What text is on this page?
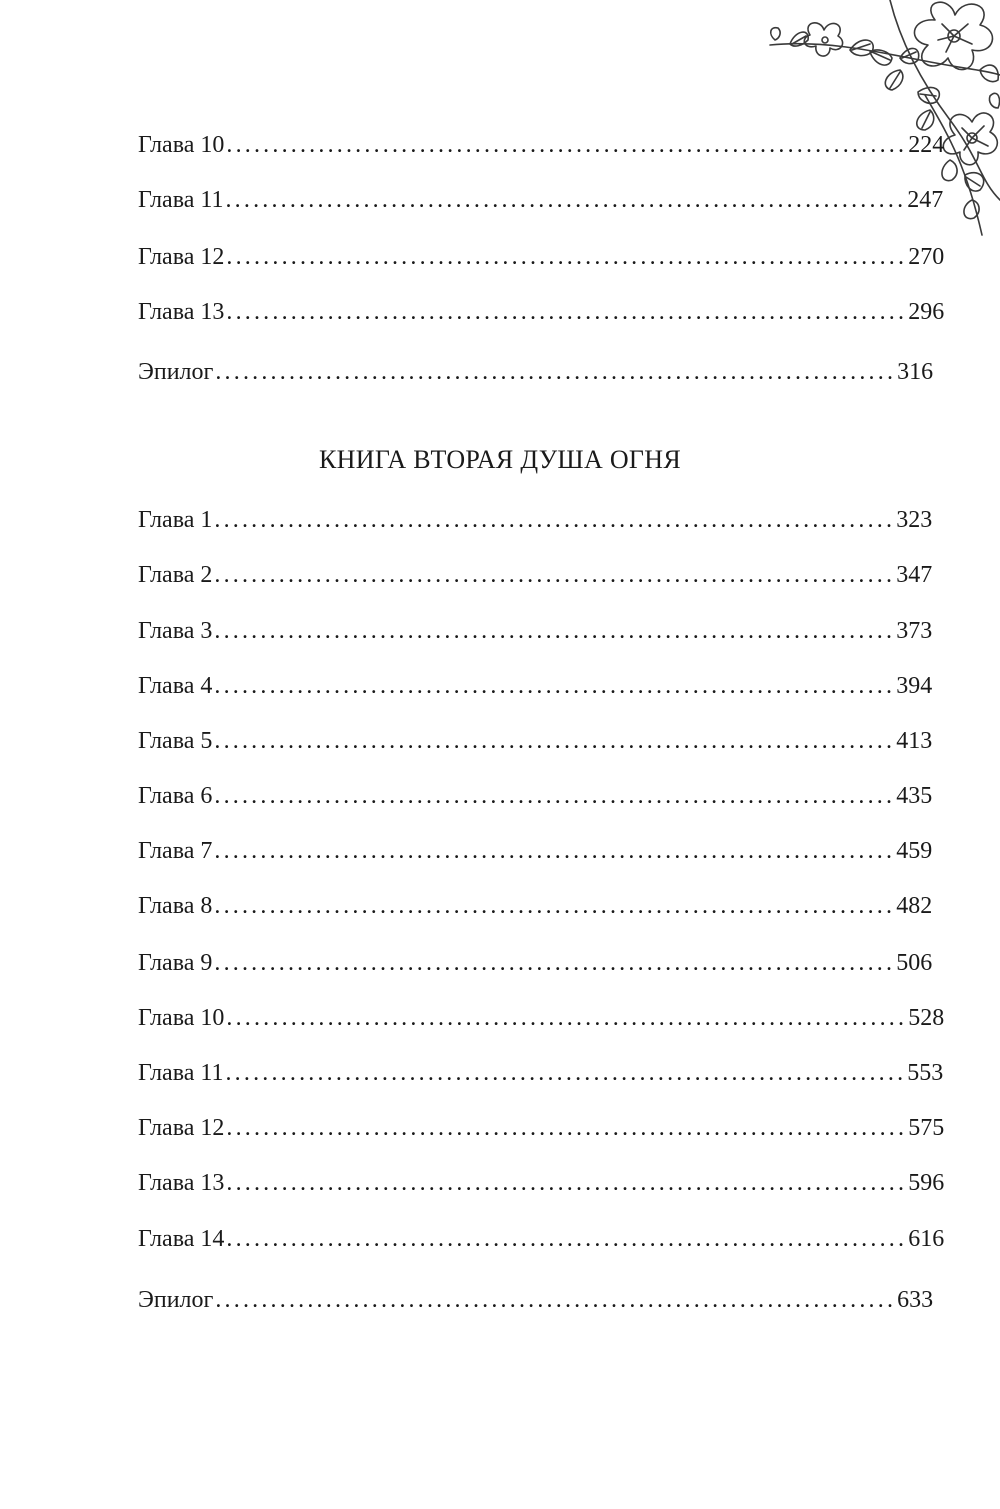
Глава 10 .......................................................................... 224
Глава 11 .......................................................................... 247
Глава 12 .......................................................................... 270
Глава 13 .......................................................................... 296
Эпилог .......................................................................... 316
КНИГА ВТОРАЯ ДУША ОГНЯ
Глава 1 .......................................................................... 323
Глава 2 .......................................................................... 347
Глава 3 .......................................................................... 373
Глава 4 .......................................................................... 394
Глава 5 .......................................................................... 413
Глава 6 .......................................................................... 435
Глава 7 .......................................................................... 459
Глава 8 .......................................................................... 482
Глава 9 .......................................................................... 506
Глава 10 .......................................................................... 528
Глава 11 .......................................................................... 553
Глава 12 .......................................................................... 575
Глава 13 .......................................................................... 596
Глава 14 .......................................................................... 616
Эпилог .......................................................................... 633
